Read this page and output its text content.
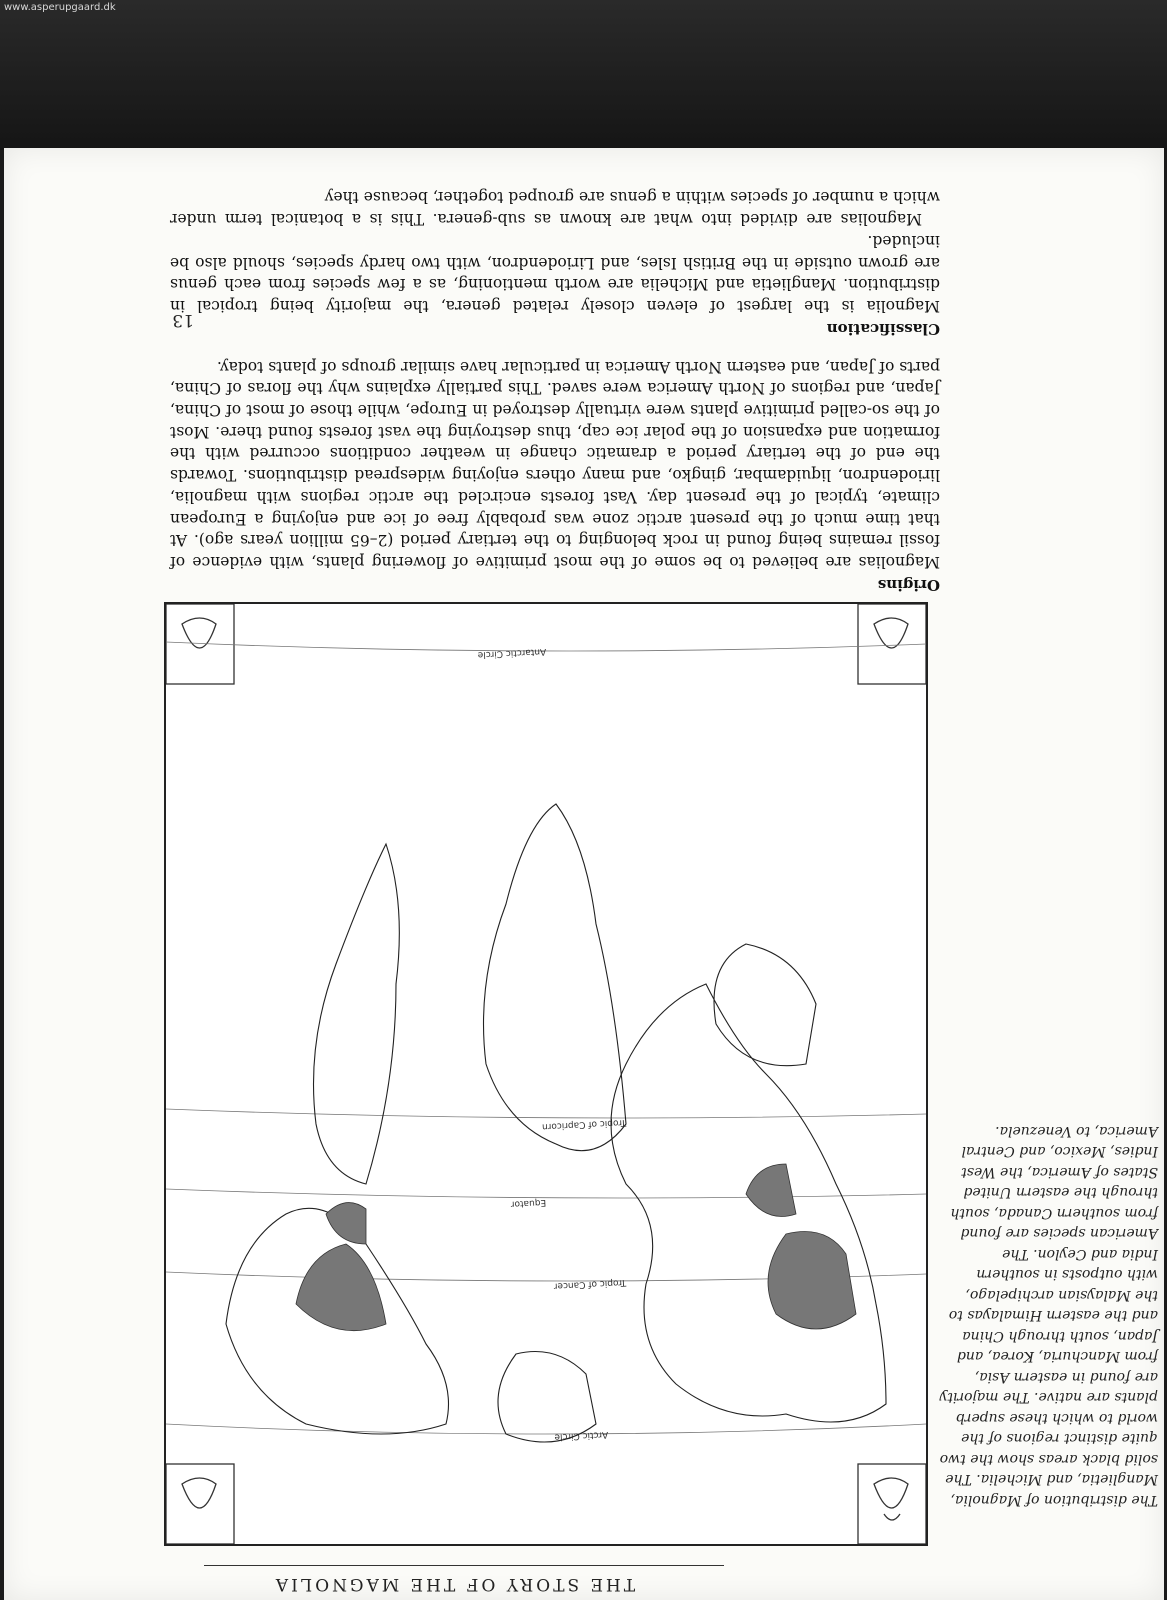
www.asperupgaard.dk
THE STORY OF THE MAGNOLIA
Arctic Circle
Tropic of Cancer
Equator
Tropic of Capricorn
Antarctic Circle
The distribution of Magnolia, Manglietia, and Michelia. The solid black areas show the two quite distinct regions of the world to which these superb plants are native. The majority are found in eastern Asia, from Manchuria, Korea, and Japan, south through China and the eastern Himalayas to the Malaysian archipelago, with outposts in southern India and Ceylon. The American species are found from southern Canada, south through the eastern United States of America, the West Indies, Mexico, and Central America, to Venezuela.
Origins

Magnolias are believed to be some of the most primitive of flowering plants, with evidence of fossil remains being found in rock belonging to the tertiary period (2–65 million years ago). At that time much of the present arctic zone was probably free of ice and enjoying a European climate, typical of the present day. Vast forests encircled the arctic regions with magnolia, liriodendron, liquidambar, gingko, and many others enjoying widespread distributions. Towards the end of the tertiary period a dramatic change in weather conditions occurred with the formation and expansion of the polar ice cap, thus destroying the vast forests found there. Most of the so-called primitive plants were virtually destroyed in Europe, while those of most of China, Japan, and regions of North America were saved. This partially explains why the floras of China, parts of Japan, and eastern North America in particular have similar groups of plants today.

Classification

Magnolia is the largest of eleven closely related genera, the majority being tropical in distribution. Manglietia and Michelia are worth mentioning, as a few species from each genus are grown outside in the British Isles, and Liriodendron, with two hardy species, should also be included.

Magnolias are divided into what are known as sub-genera. This is a botanical term under which a number of species within a genus are grouped together, because they

13
